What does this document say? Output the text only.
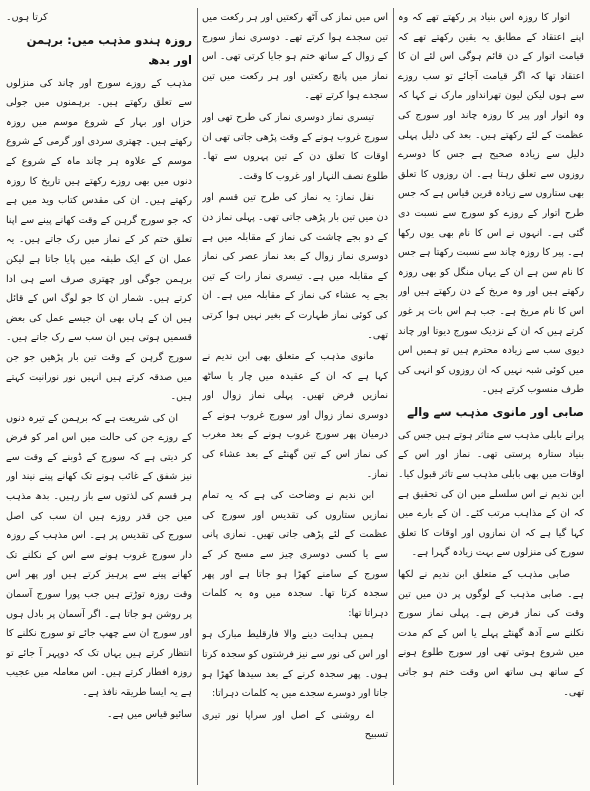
اتوار کا روزہ اس بنیاد پر رکھتے تھے کہ وہ اپنے اعتقاد کے مطابق یہ یقین رکھتے تھے کہ قیامت اتوار کے دن قائم ہوگی اس لئے ان کا اعتقاد تھا کہ اگر قیامت آجائے تو سب روزے سے ہوں لیکن لیون تھرانداور مارک نے کہا کہ وہ اتوار اور پیر کا روزہ چاند اور سورج کی عظمت کے لئے رکھتے ہیں۔ بعد کی دلیل پہلی دلیل سے زیادہ صحیح ہے جس کا دوسرے روزوں سے تعلق رہتا ہے۔ ان روزوں کا تعلق بھی ستاروں سے زیادہ قرین قیاس ہے کہ جس طرح اتوار کے روزے کو سورج سے نسبت دی گئی ہے۔ انہوں نے اس کا نام بھی یوں رکھا ہے۔ پیر کا روزہ چاند سے نسبت رکھتا ہے جس کا نام سن ہے ان کے یہاں منگل کو بھی روزہ رکھتے ہیں اور وہ مریخ کے دن رکھتے ہیں اور اس کا نام مریخ ہے۔ جب ہم اس بات پر غور کرتے ہیں کہ ان کے نزدیک سورج دیوتا اور چاند دیوی سب سے زیادہ محترم ہیں تو ہمیں اس میں کوئی شبہ نہیں کہ ان روزوں کو انہی کی طرف منسوب کرتے ہیں۔

صابی اور مانوی مذہب سے والے

پرانے بابلی مذہب سے متاثر ہوتے ہیں جس کی بنیاد ستارہ پرستی تھی۔ نماز اور اس کے اوقات میں بھی بابلی مذہب سے تاثر قبول کیا۔ ابن ندیم نے اس سلسلے میں ان کی تحقیق ہے کہ ان کے مذاہب مرتب کئے۔ ان کے بارے میں کہا گیا ہے کہ ان نمازوں اور اوقات کا تعلق سورج کی منزلوں سے بہت زیادہ گہرا ہے۔

صابی مذہب کے متعلق ابن ندیم نے لکھا ہے۔ صابی مذہب کے لوگوں پر دن میں تین وقت کی نماز فرض ہے۔ پہلی نماز سورج نکلنے سے آدھ گھنٹے پہلے یا اس کے کم مدت میں شروع ہوتی تھی اور سورج طلوع ہونے کے ساتھ ہی ساتھ اس وقت ختم ہو جاتی تھی۔

اس میں نماز کی آٹھ رکعتیں اور ہر رکعت میں تین سجدے ہوا کرتے تھے۔ دوسری نماز سورج کے زوال کے ساتھ ختم ہو جایا کرتی تھی۔ اس نماز میں پانچ رکعتیں اور ہر رکعت میں تین سجدے ہوا کرتے تھے۔

تیسری نماز دوسری نماز کی طرح تھی اور سورج غروب ہونے کے وقت پڑھی جاتی تھی ان اوقات کا تعلق دن کے تین پہروں سے تھا۔ طلوع نصف النہار اور غروب کا وقت۔

نفل نماز: یہ نماز کی طرح تین قسم اور دن میں تین بار پڑھی جاتی تھی۔ پہلی نماز دن کے دو بجے چاشت کی نماز کے مقابلہ میں ہے دوسری نماز زوال کے بعد نماز عصر کی نماز کے مقابلہ میں ہے۔ تیسری نماز رات کے تین بجے یہ عشاء کی نماز کے مقابلہ میں ہے۔ ان کی کوئی نماز طہارت کے بغیر نہیں ہوا کرتی تھی۔

مانوی مذہب کے متعلق بھی ابن ندیم نے کہا ہے کہ ان کے عقیدہ میں چار یا ساٹھ نمازیں فرض تھیں۔ پہلی نماز زوال اور دوسری نماز زوال اور سورج غروب ہونے کے درمیان پھر سورج غروب ہونے کے بعد مغرب کی نماز اس کے تین گھنٹے کے بعد عشاء کی نماز۔

ابن ندیم نے وضاحت کی ہے کہ یہ تمام نمازیں ستاروں کی تقدیس اور سورج کی عظمت کے لئے پڑھی جاتی تھیں۔ نمازی پانی سے یا کسی دوسری چیز سے مسح کر کے سورج کے سامنے کھڑا ہو جاتا ہے اور پھر سجدہ کرتا تھا۔ سجدہ میں وہ یہ کلمات دہراتا تھا:

ہمیں ہدایت دینے والا فارقلیط مبارک ہو اور اس کی نور سے نیز فرشتوں کو سجدہ کرتا ہوں۔ پھر سجدہ کرنے کے بعد سیدھا کھڑا ہو جاتا اور دوسرے سجدے میں یہ کلمات دہراتا:

اے روشنی کے اصل اور سراپا نور تیری تسبیح

کرتا ہوں۔

روزہ ہندو مذہب میں: برہمن اور بدھ

مذہب کے روزے سورج اور چاند کی منزلوں سے تعلق رکھتے ہیں۔ برہمنوں میں جولی خزاں اور بہار کے شروع موسم میں روزہ رکھتے ہیں۔ چھتری سردی اور گرمی کے شروع موسم کے علاوہ ہر چاند ماہ کے شروع کے دنوں میں بھی روزے رکھتے ہیں تاریخ کا روزہ رکھتے ہیں۔ ان کی مقدس کتاب وید میں ہے کہ جو سورج گرہن کے وقت کھانے پینے سے اپنا تعلق ختم کر کے نماز میں رک جاتے ہیں۔ یہ عمل ان کے ایک طبقہ میں پایا جاتا ہے لیکن برہمن جوگی اور چھتری صرف اسے ہی ادا کرتے ہیں۔ شمار ان کا جو لوگ اس کے قائل ہیں ان کے ہاں بھی ان جیسے عمل کی بعض قسمیں ہوتی ہیں ان سب سے رک جاتے ہیں۔ سورج گرہن کے وقت تین بار پڑھیں جو جن میں صدقہ کرتے ہیں انہیں نور نورانیت کہتے ہیں۔

ان کی شریعت ہے کہ برہمن کے تیرہ دنوں کے روزے جن کی حالت میں اس امر کو فرض کر دیتی ہے کہ سورج کے ڈوبنے کے وقت سے نیز شفق کے غائب ہونے تک کھانے پینے نیند اور ہر قسم کی لذتوں سے باز رہیں۔ بدھ مذہب میں جن قدر روزے ہیں ان سب کی اصل سورج کی تقدیس پر ہے۔ اس مذہب کے روزہ دار سورج غروب ہونے سے اس کے نکلنے تک کھانے پینے سے پرہیز کرتے ہیں اور پھر اس وقت روزہ توڑتے ہیں جب پورا سورج آسمان پر روشن ہو جاتا ہے۔ اگر آسمان پر بادل ہوں اور سورج ان سے چھپ جائے تو سورج نکلنے کا انتظار کرتے ہیں یہاں تک کہ دوپہر آ جائے تو روزہ افطار کرتے ہیں۔ اس معاملہ میں عجیب ہے یہ ایسا طریقہ نافذ ہے۔

سائیو قیاس میں ہے۔
